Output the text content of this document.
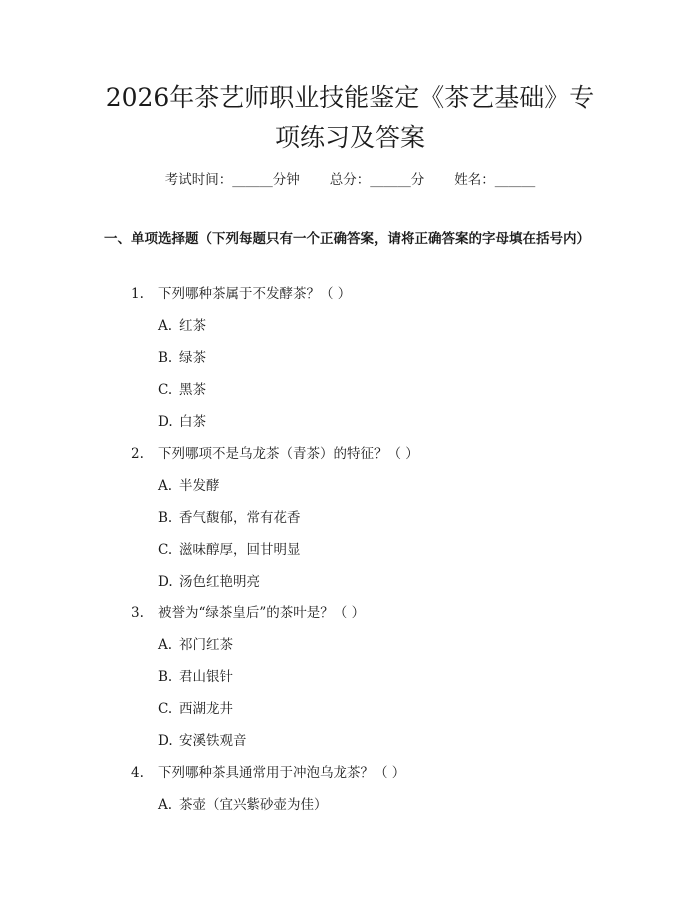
2026年茶艺师职业技能鉴定《茶艺基础》专
项练习及答案
考试时间：______分钟 总分：______分 姓名：______
一、单项选择题（下列每题只有一个正确答案，请将正确答案的字母填在括号内）
1. 下列哪种茶属于不发酵茶？（ ）
A. 红茶
B. 绿茶
C. 黑茶
D. 白茶
2. 下列哪项不是乌龙茶（青茶）的特征？（ ）
A. 半发酵
B. 香气馥郁，常有花香
C. 滋味醇厚，回甘明显
D. 汤色红艳明亮
3. 被誉为“绿茶皇后”的茶叶是？（ ）
A. 祁门红茶
B. 君山银针
C. 西湖龙井
D. 安溪铁观音
4. 下列哪种茶具通常用于冲泡乌龙茶？（ ）
A. 茶壶（宜兴紫砂壶为佳）
